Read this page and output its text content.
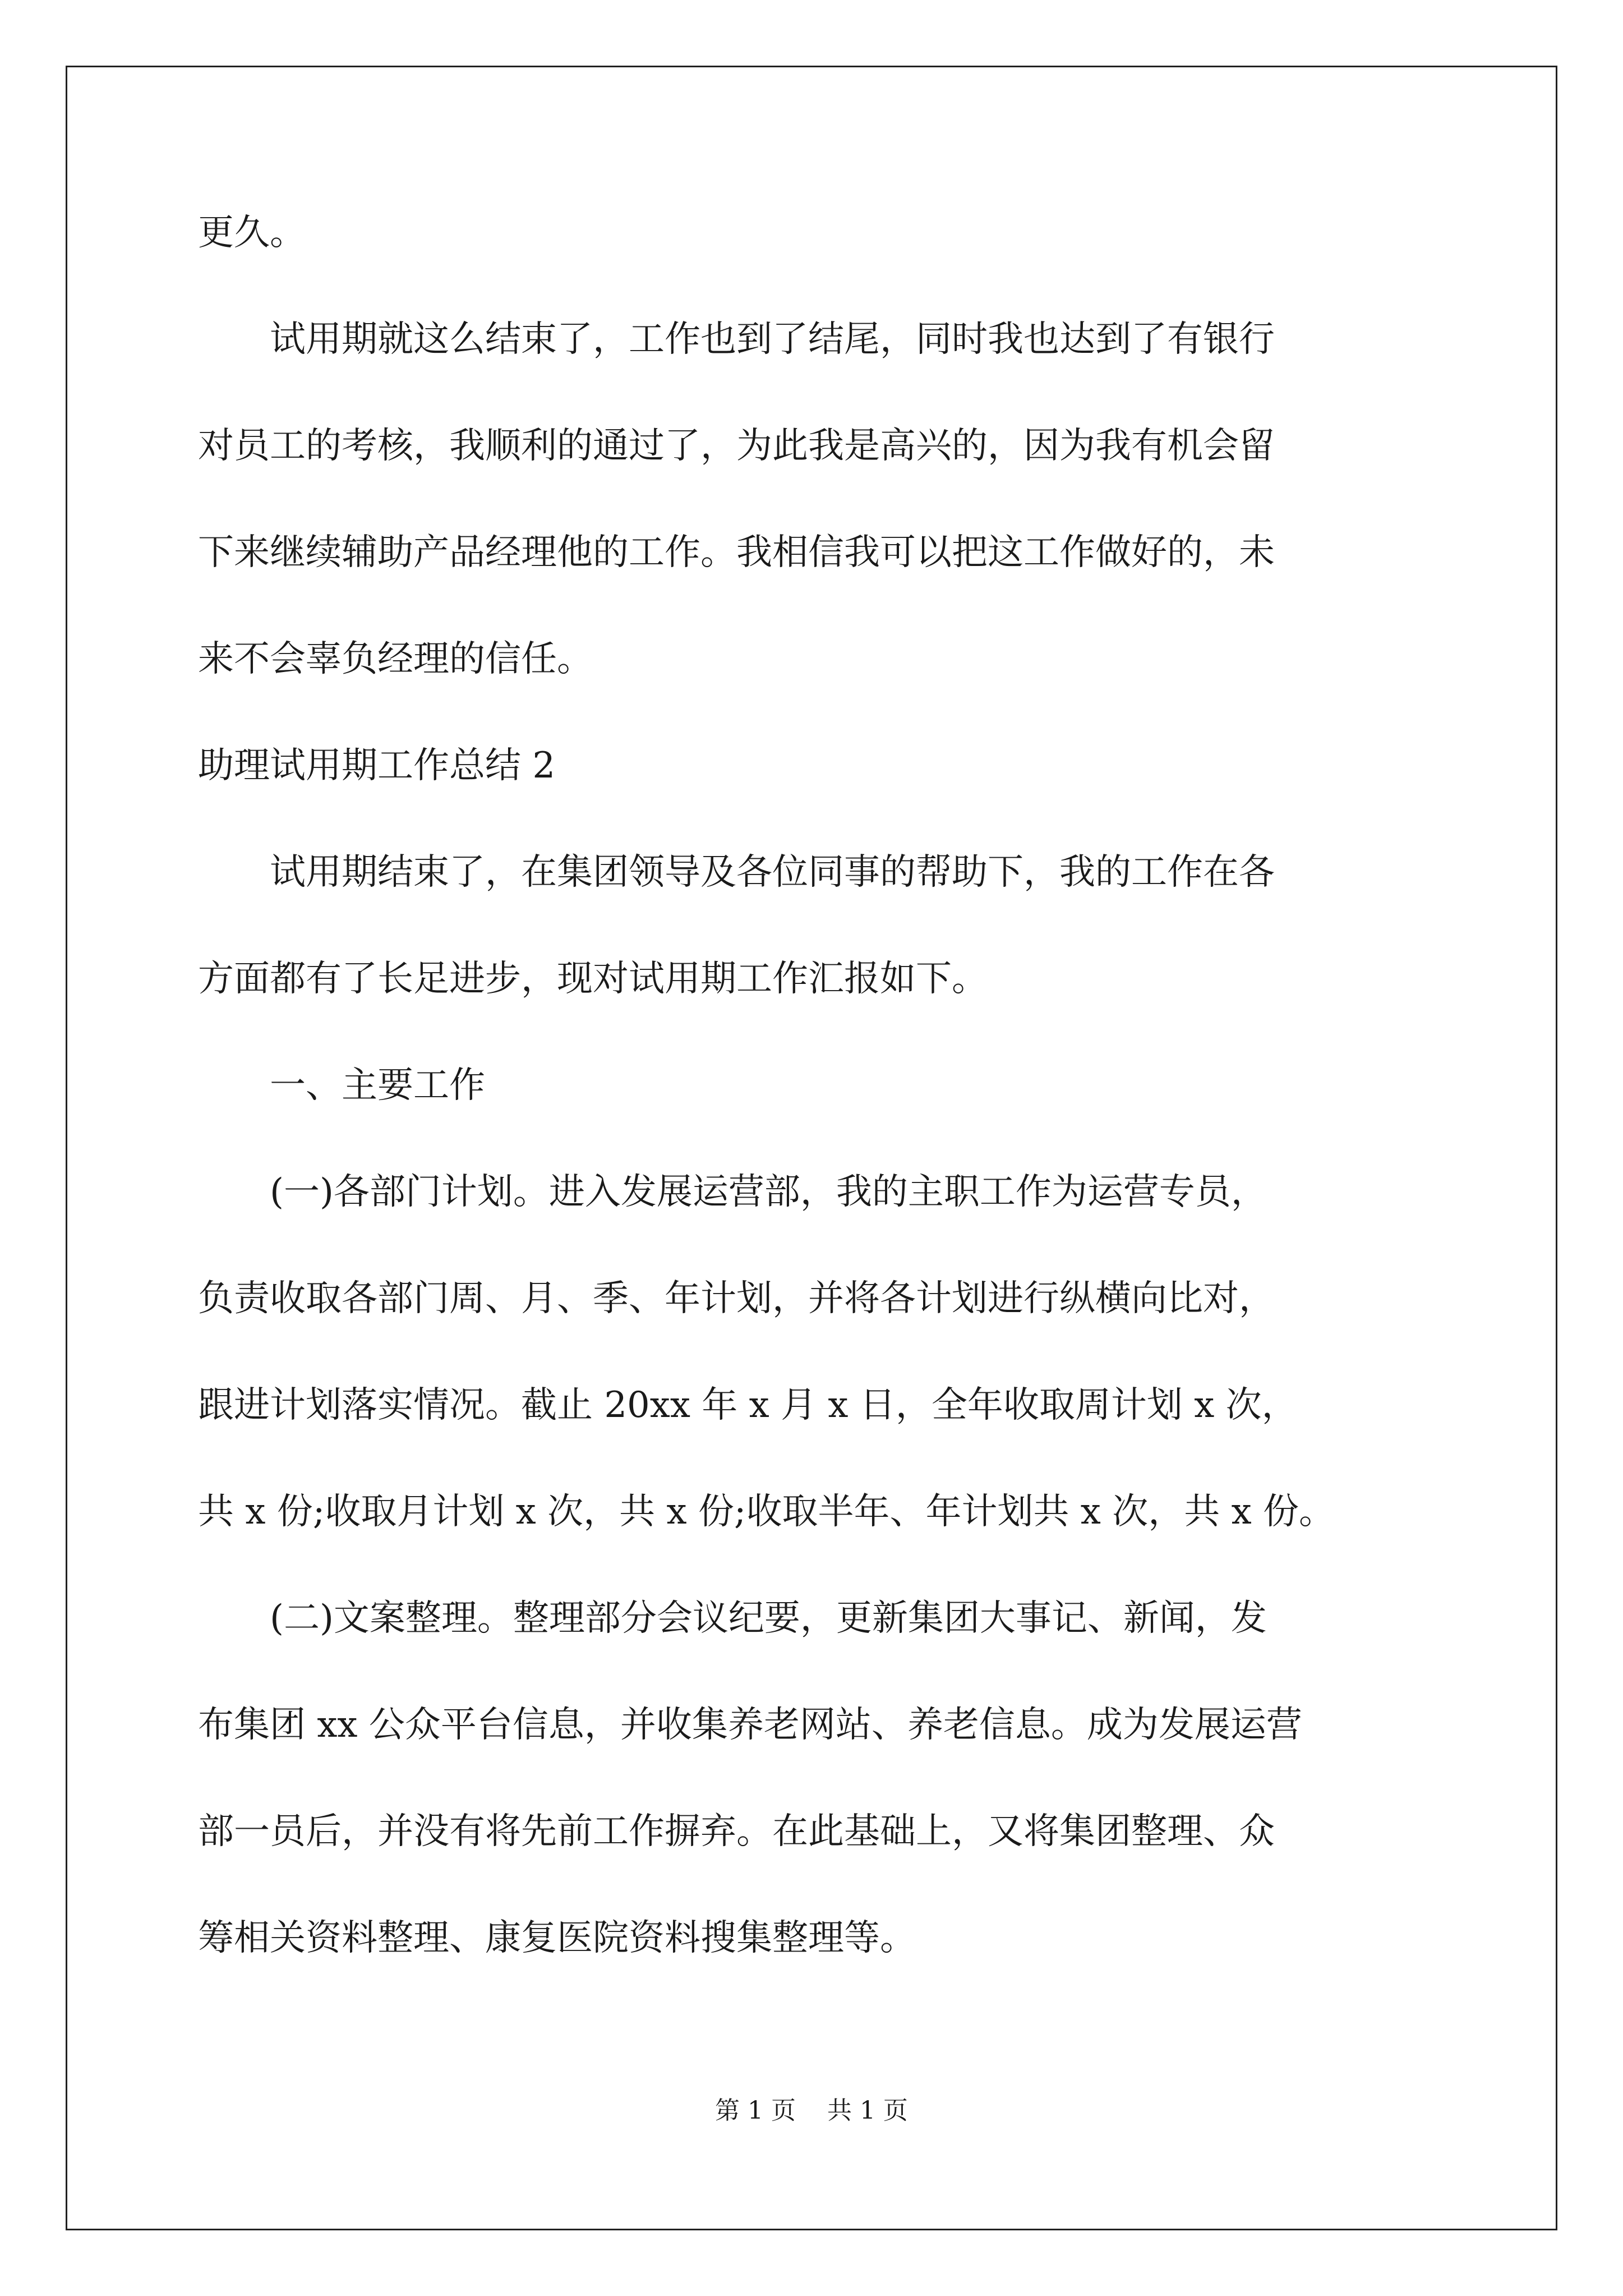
更久。

　　试用期就这么结束了，工作也到了结尾，同时我也达到了有银行

对员工的考核，我顺利的通过了，为此我是高兴的，因为我有机会留

下来继续辅助产品经理他的工作。我相信我可以把这工作做好的，未

来不会辜负经理的信任。

助理试用期工作总结 2

　　试用期结束了，在集团领导及各位同事的帮助下，我的工作在各

方面都有了长足进步，现对试用期工作汇报如下。

　　一、主要工作

　　(一)各部门计划。进入发展运营部，我的主职工作为运营专员，

负责收取各部门周、月、季、年计划，并将各计划进行纵横向比对，

跟进计划落实情况。截止 20xx 年 x 月 x 日，全年收取周计划 x 次，

共 x 份;收取月计划 x 次，共 x 份;收取半年、年计划共 x 次，共 x 份。

　　(二)文案整理。整理部分会议纪要，更新集团大事记、新闻，发

布集团 xx 公众平台信息，并收集养老网站、养老信息。成为发展运营

部一员后，并没有将先前工作摒弃。在此基础上，又将集团整理、众

筹相关资料整理、康复医院资料搜集整理等。

第 1 页    共 1 页
